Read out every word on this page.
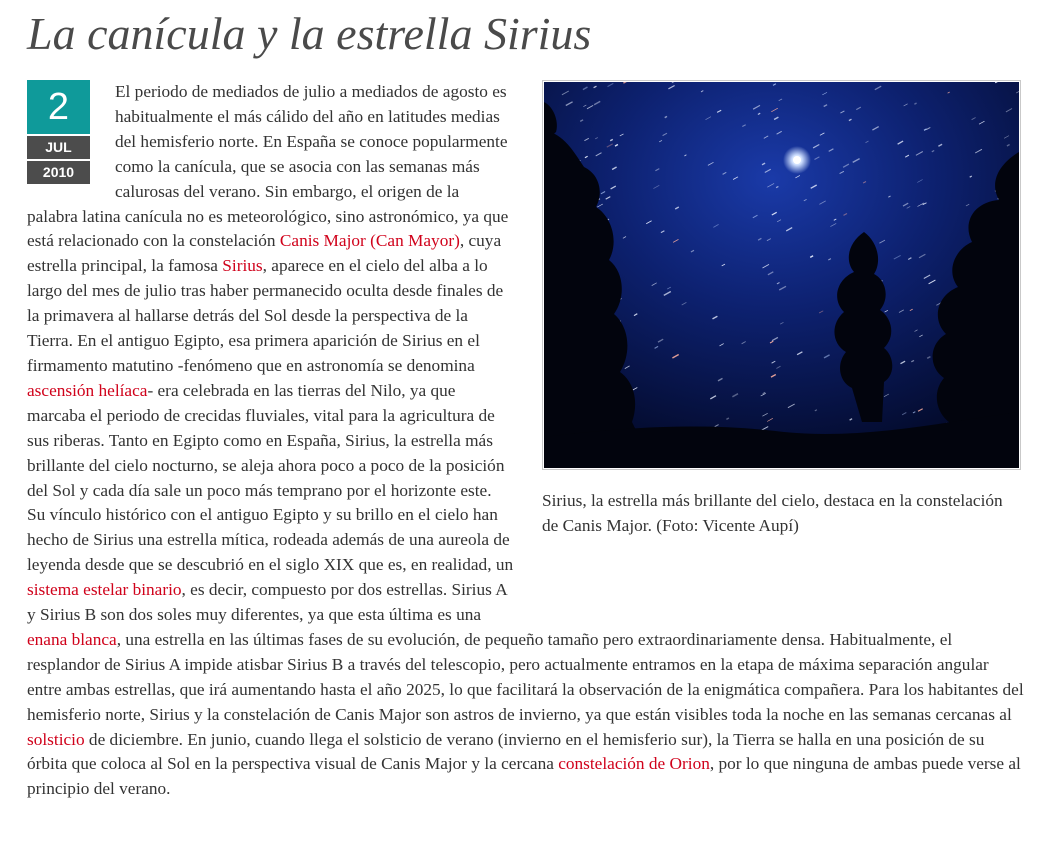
La canícula y la estrella Sirius
2
JUL
2010
Sirius, la estrella más brillante del cielo, destaca en la constelación de Canis Major. (Foto: Vicente Aupí)

El periodo de mediados de julio a mediados de agosto es habitualmente el más cálido del año en latitudes medias del hemisferio norte. En España se conoce popularmente como la canícula, que se asocia con las semanas más calurosas del verano. Sin embargo, el origen de la palabra latina canícula no es meteorológico, sino astronómico, ya que está relacionado con la constelación Canis Major (Can Mayor), cuya estrella principal, la famosa Sirius, aparece en el cielo del alba a lo largo del mes de julio tras haber permanecido oculta desde finales de la primavera al hallarse detrás del Sol desde la perspectiva de la Tierra. En el antiguo Egipto, esa primera aparición de Sirius en el firmamento matutino -fenómeno que en astronomía se denomina ascensión helíaca- era celebrada en las tierras del Nilo, ya que marcaba el periodo de crecidas fluviales, vital para la agricultura de sus riberas. Tanto en Egipto como en España, Sirius, la estrella más brillante del cielo nocturno, se aleja ahora poco a poco de la posición del Sol y cada día sale un poco más temprano por el horizonte este. Su vínculo histórico con el antiguo Egipto y su brillo en el cielo han hecho de Sirius una estrella mítica, rodeada además de una aureola de leyenda desde que se descubrió en el siglo XIX que es, en realidad, un sistema estelar binario, es decir, compuesto por dos estrellas. Sirius A y Sirius B son dos soles muy diferentes, ya que esta última es una enana blanca, una estrella en las últimas fases de su evolución, de pequeño tamaño pero extraordinariamente densa. Habitualmente, el resplandor de Sirius A impide atisbar Sirius B a través del telescopio, pero actualmente entramos en la etapa de máxima separación angular entre ambas estrellas, que irá aumentando hasta el año 2025, lo que facilitará la observación de la enigmática compañera. Para los habitantes del hemisferio norte, Sirius y la constelación de Canis Major son astros de invierno, ya que están visibles toda la noche en las semanas cercanas al solsticio de diciembre. En junio, cuando llega el solsticio de verano (invierno en el hemisferio sur), la Tierra se halla en una posición de su órbita que coloca al Sol en la perspectiva visual de Canis Major y la cercana constelación de Orion, por lo que ninguna de ambas puede verse al principio del verano.
